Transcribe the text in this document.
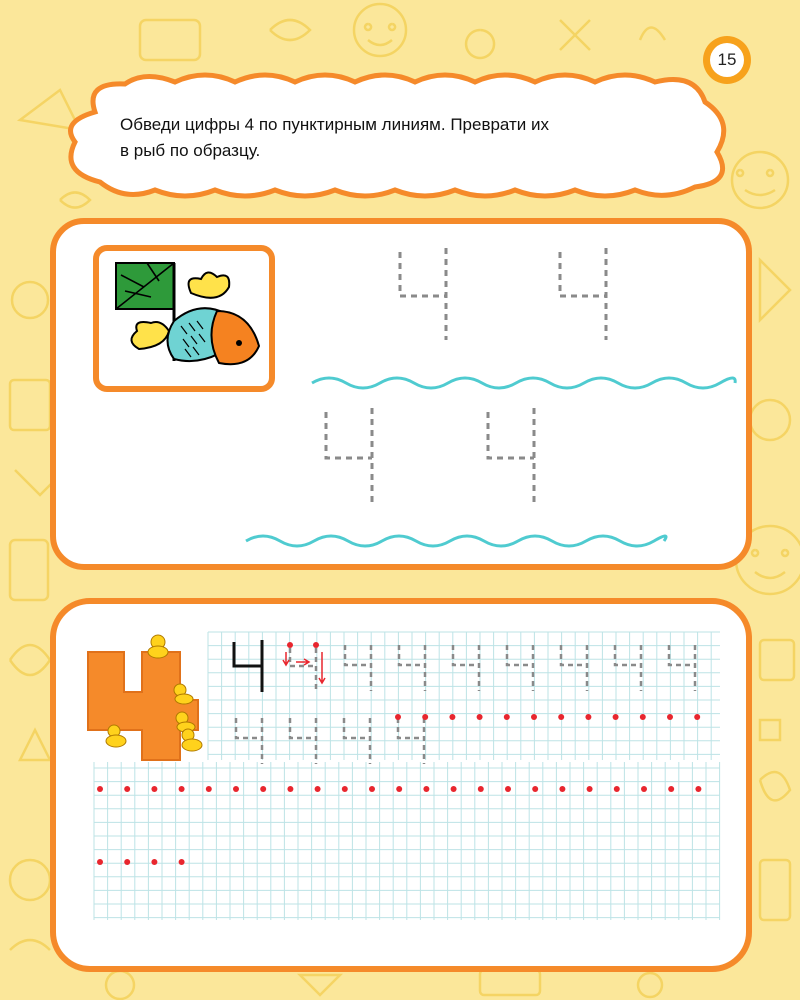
15
Обведи цифры 4 по пунктирным линиям. Преврати их
в рыб по образцу.
